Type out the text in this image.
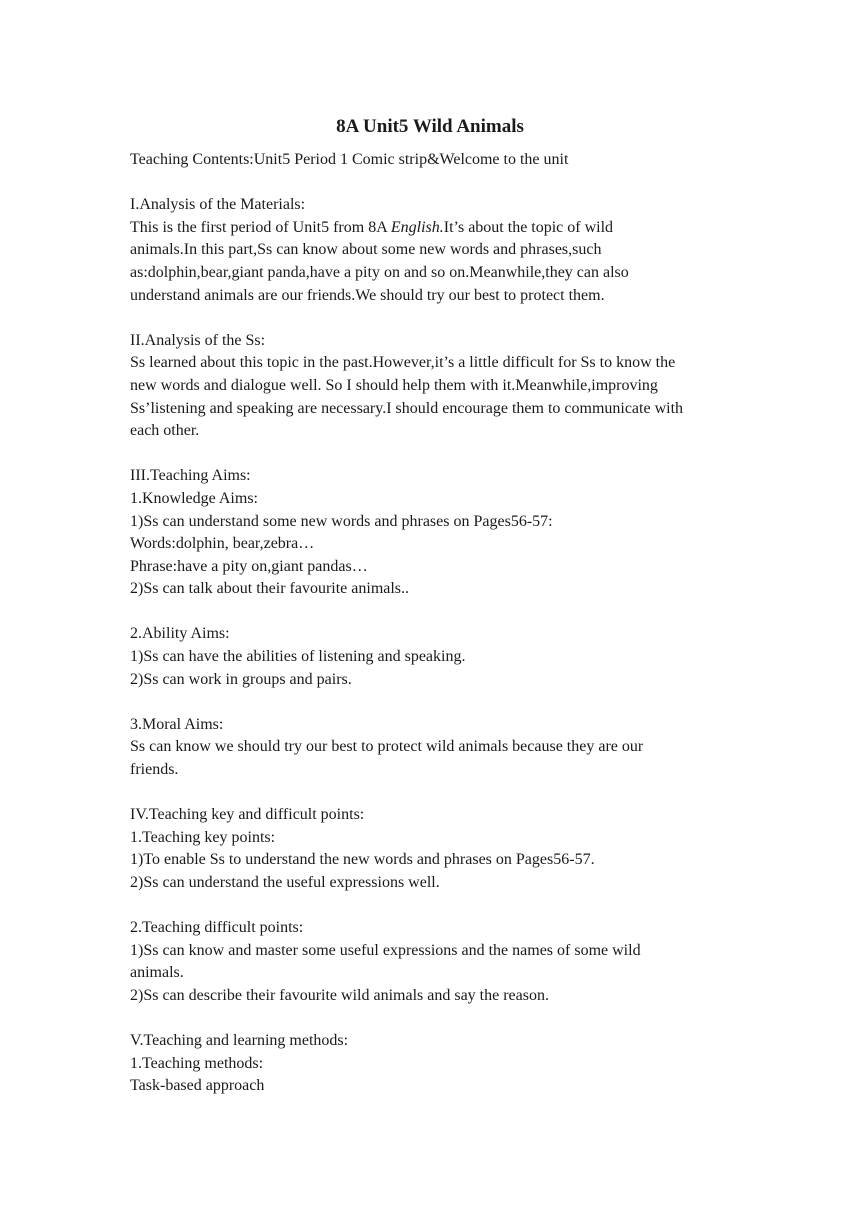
8A Unit5 Wild Animals
Teaching Contents:Unit5 Period 1 Comic strip&Welcome to the unit
I.Analysis of the Materials:
This is the first period of Unit5 from 8A English.It’s about the topic of wild
animals.In this part,Ss can know about some new words and phrases,such
as:dolphin,bear,giant panda,have a pity on and so on.Meanwhile,they can also
understand animals are our friends.We should try our best to protect them.
II.Analysis of the Ss:
Ss learned about this topic in the past.However,it’s a little difficult for Ss to know the
new words and dialogue well. So I should help them with it.Meanwhile,improving
Ss’listening and speaking are necessary.I should encourage them to communicate with
each other.
III.Teaching Aims:
1.Knowledge Aims:
1)Ss can understand some new words and phrases on Pages56-57:
Words:dolphin, bear,zebra…
Phrase:have a pity on,giant pandas…
2)Ss can talk about their favourite animals..
2.Ability Aims:
1)Ss can have the abilities of listening and speaking.
2)Ss can work in groups and pairs.
3.Moral Aims:
Ss can know we should try our best to protect wild animals because they are our
friends.
IV.Teaching key and difficult points:
1.Teaching key points:
1)To enable Ss to understand the new words and phrases on Pages56-57.
2)Ss can understand the useful expressions well.
2.Teaching difficult points:
1)Ss can know and master some useful expressions and the names of some wild
animals.
2)Ss can describe their favourite wild animals and say the reason.
V.Teaching and learning methods:
1.Teaching methods:
Task-based approach
